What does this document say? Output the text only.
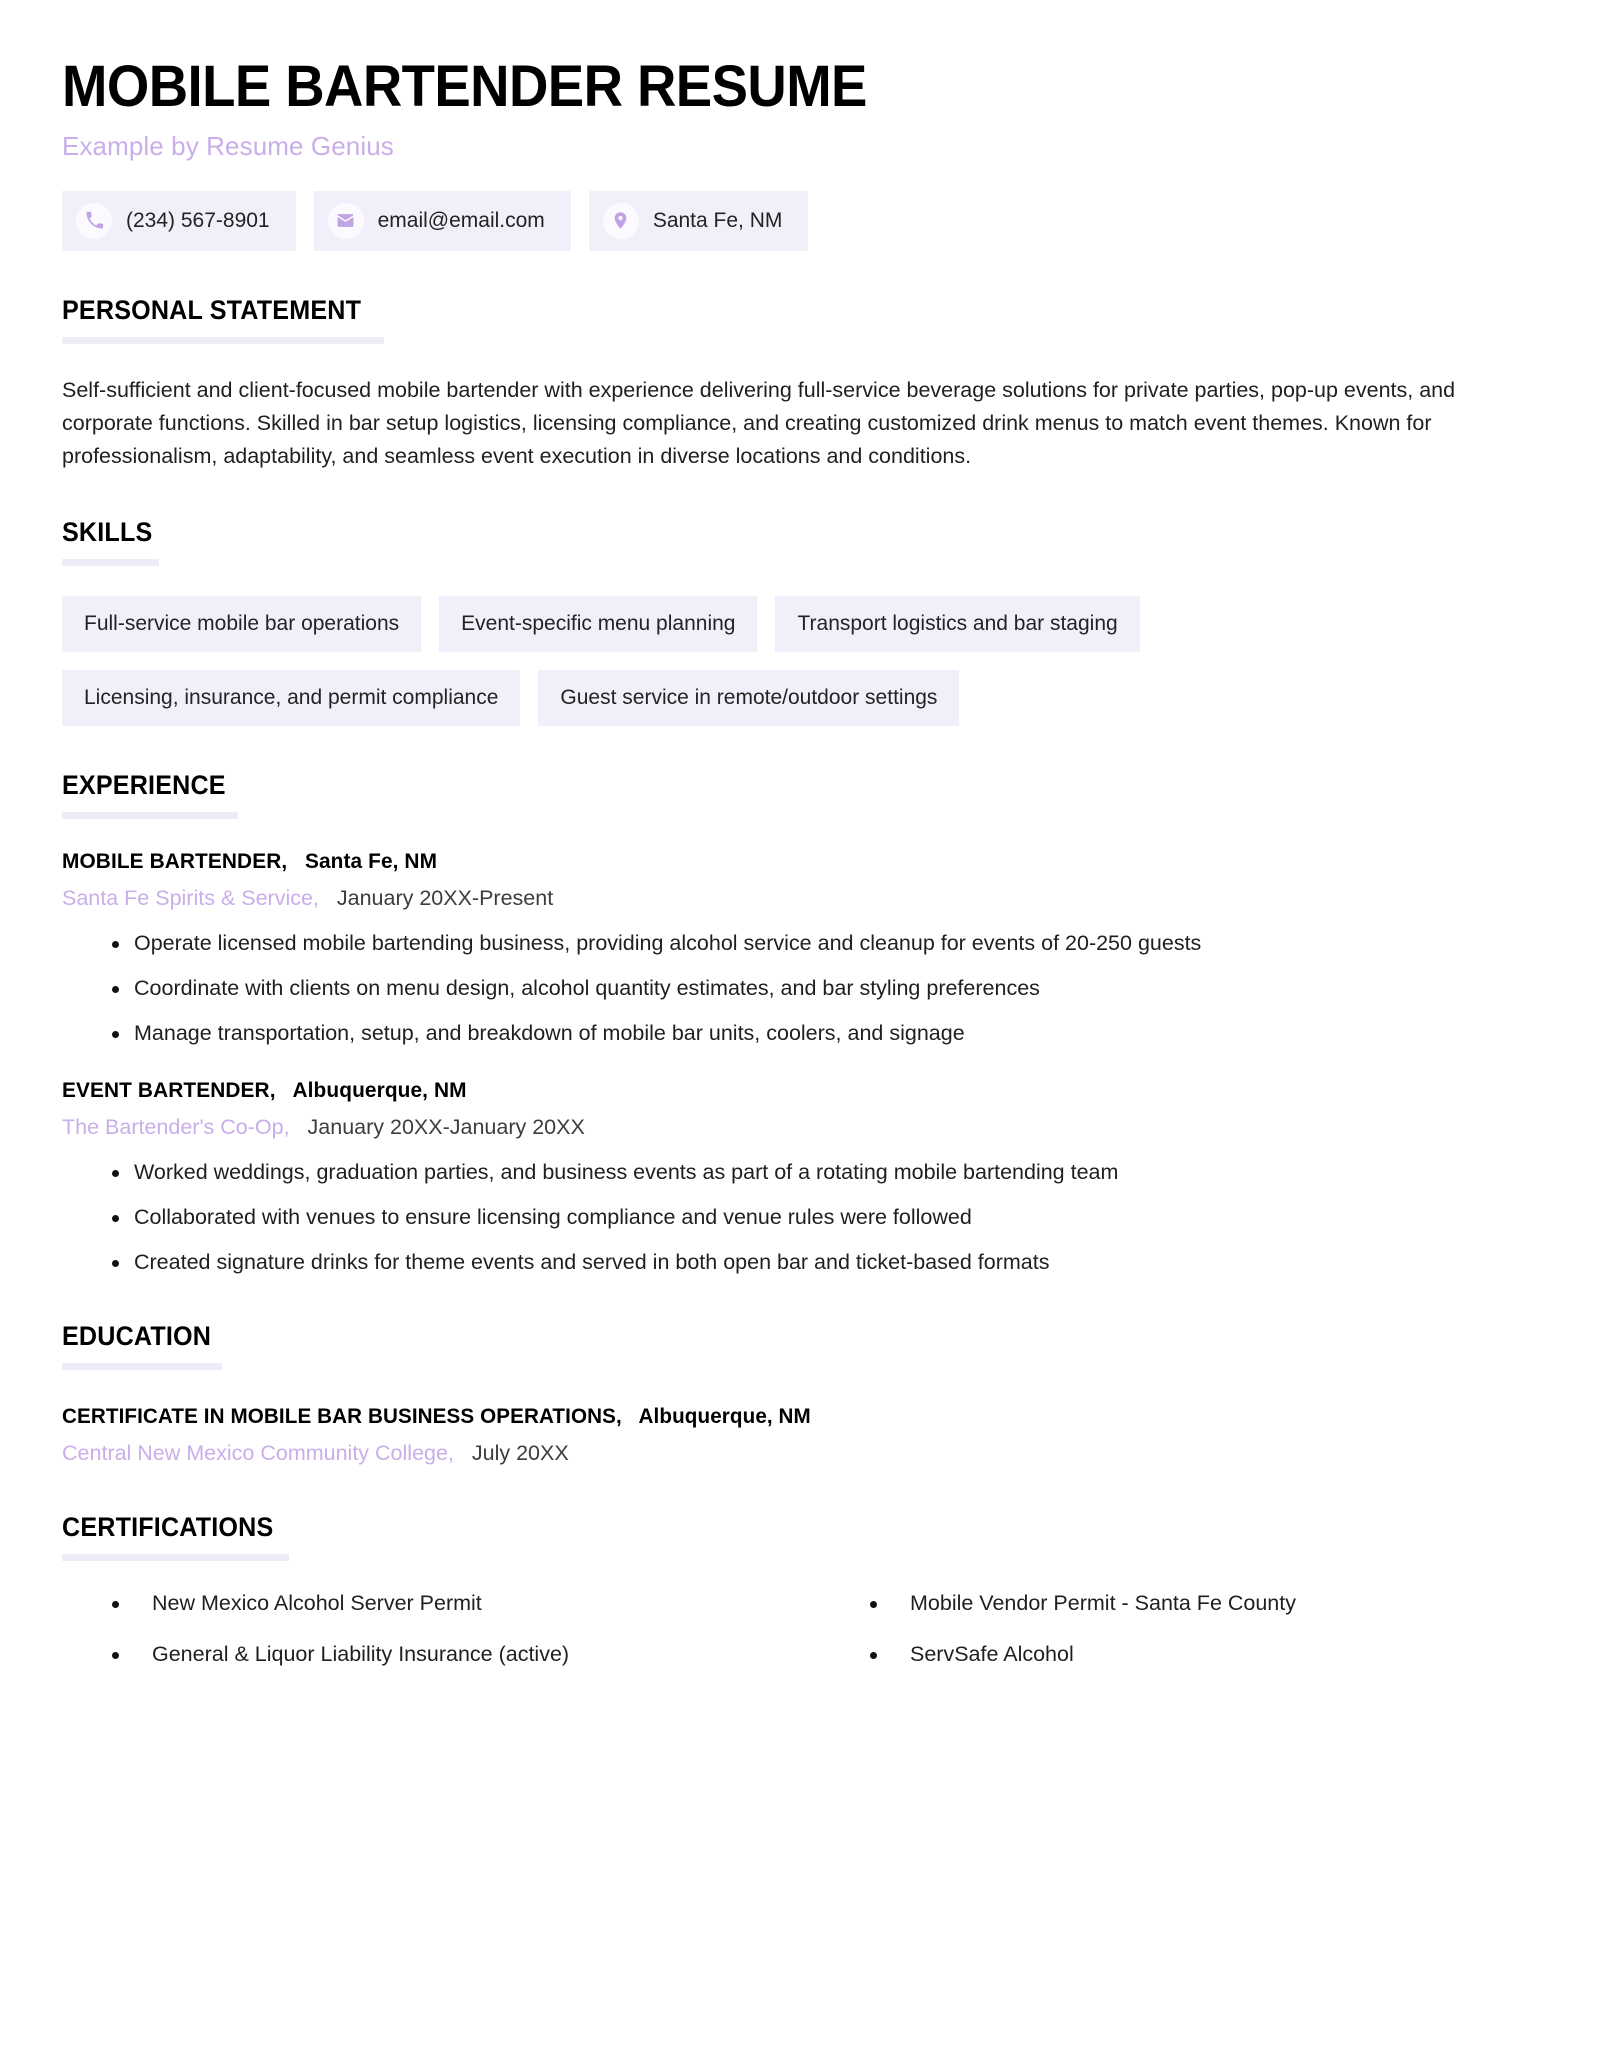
MOBILE BARTENDER RESUME
Example by Resume Genius
(234) 567-8901	email@email.com	Santa Fe, NM
PERSONAL STATEMENT

Self-sufficient and client-focused mobile bartender with experience delivering full-service beverage solutions for private parties, pop-up events, and corporate functions. Skilled in bar setup logistics, licensing compliance, and creating customized drink menus to match event themes. Known for professionalism, adaptability, and seamless event execution in diverse locations and conditions.

SKILLS
Full-service mobile bar operations	Event-specific menu planning	Transport logistics and bar staging
Licensing, insurance, and permit compliance	Guest service in remote/outdoor settings
EXPERIENCE
MOBILE BARTENDER, Santa Fe, NM
Santa Fe Spirits & Service, January 20XX-Present
Operate licensed mobile bartending business, providing alcohol service and cleanup for events of 20-250 guests
Coordinate with clients on menu design, alcohol quantity estimates, and bar styling preferences
Manage transportation, setup, and breakdown of mobile bar units, coolers, and signage
EVENT BARTENDER, Albuquerque, NM
The Bartender's Co-Op, January 20XX-January 20XX
Worked weddings, graduation parties, and business events as part of a rotating mobile bartending team
Collaborated with venues to ensure licensing compliance and venue rules were followed
Created signature drinks for theme events and served in both open bar and ticket-based formats
EDUCATION
CERTIFICATE IN MOBILE BAR BUSINESS OPERATIONS, Albuquerque, NM
Central New Mexico Community College, July 20XX
CERTIFICATIONS
New Mexico Alcohol Server Permit
General & Liquor Liability Insurance (active)
Mobile Vendor Permit - Santa Fe County
ServSafe Alcohol
